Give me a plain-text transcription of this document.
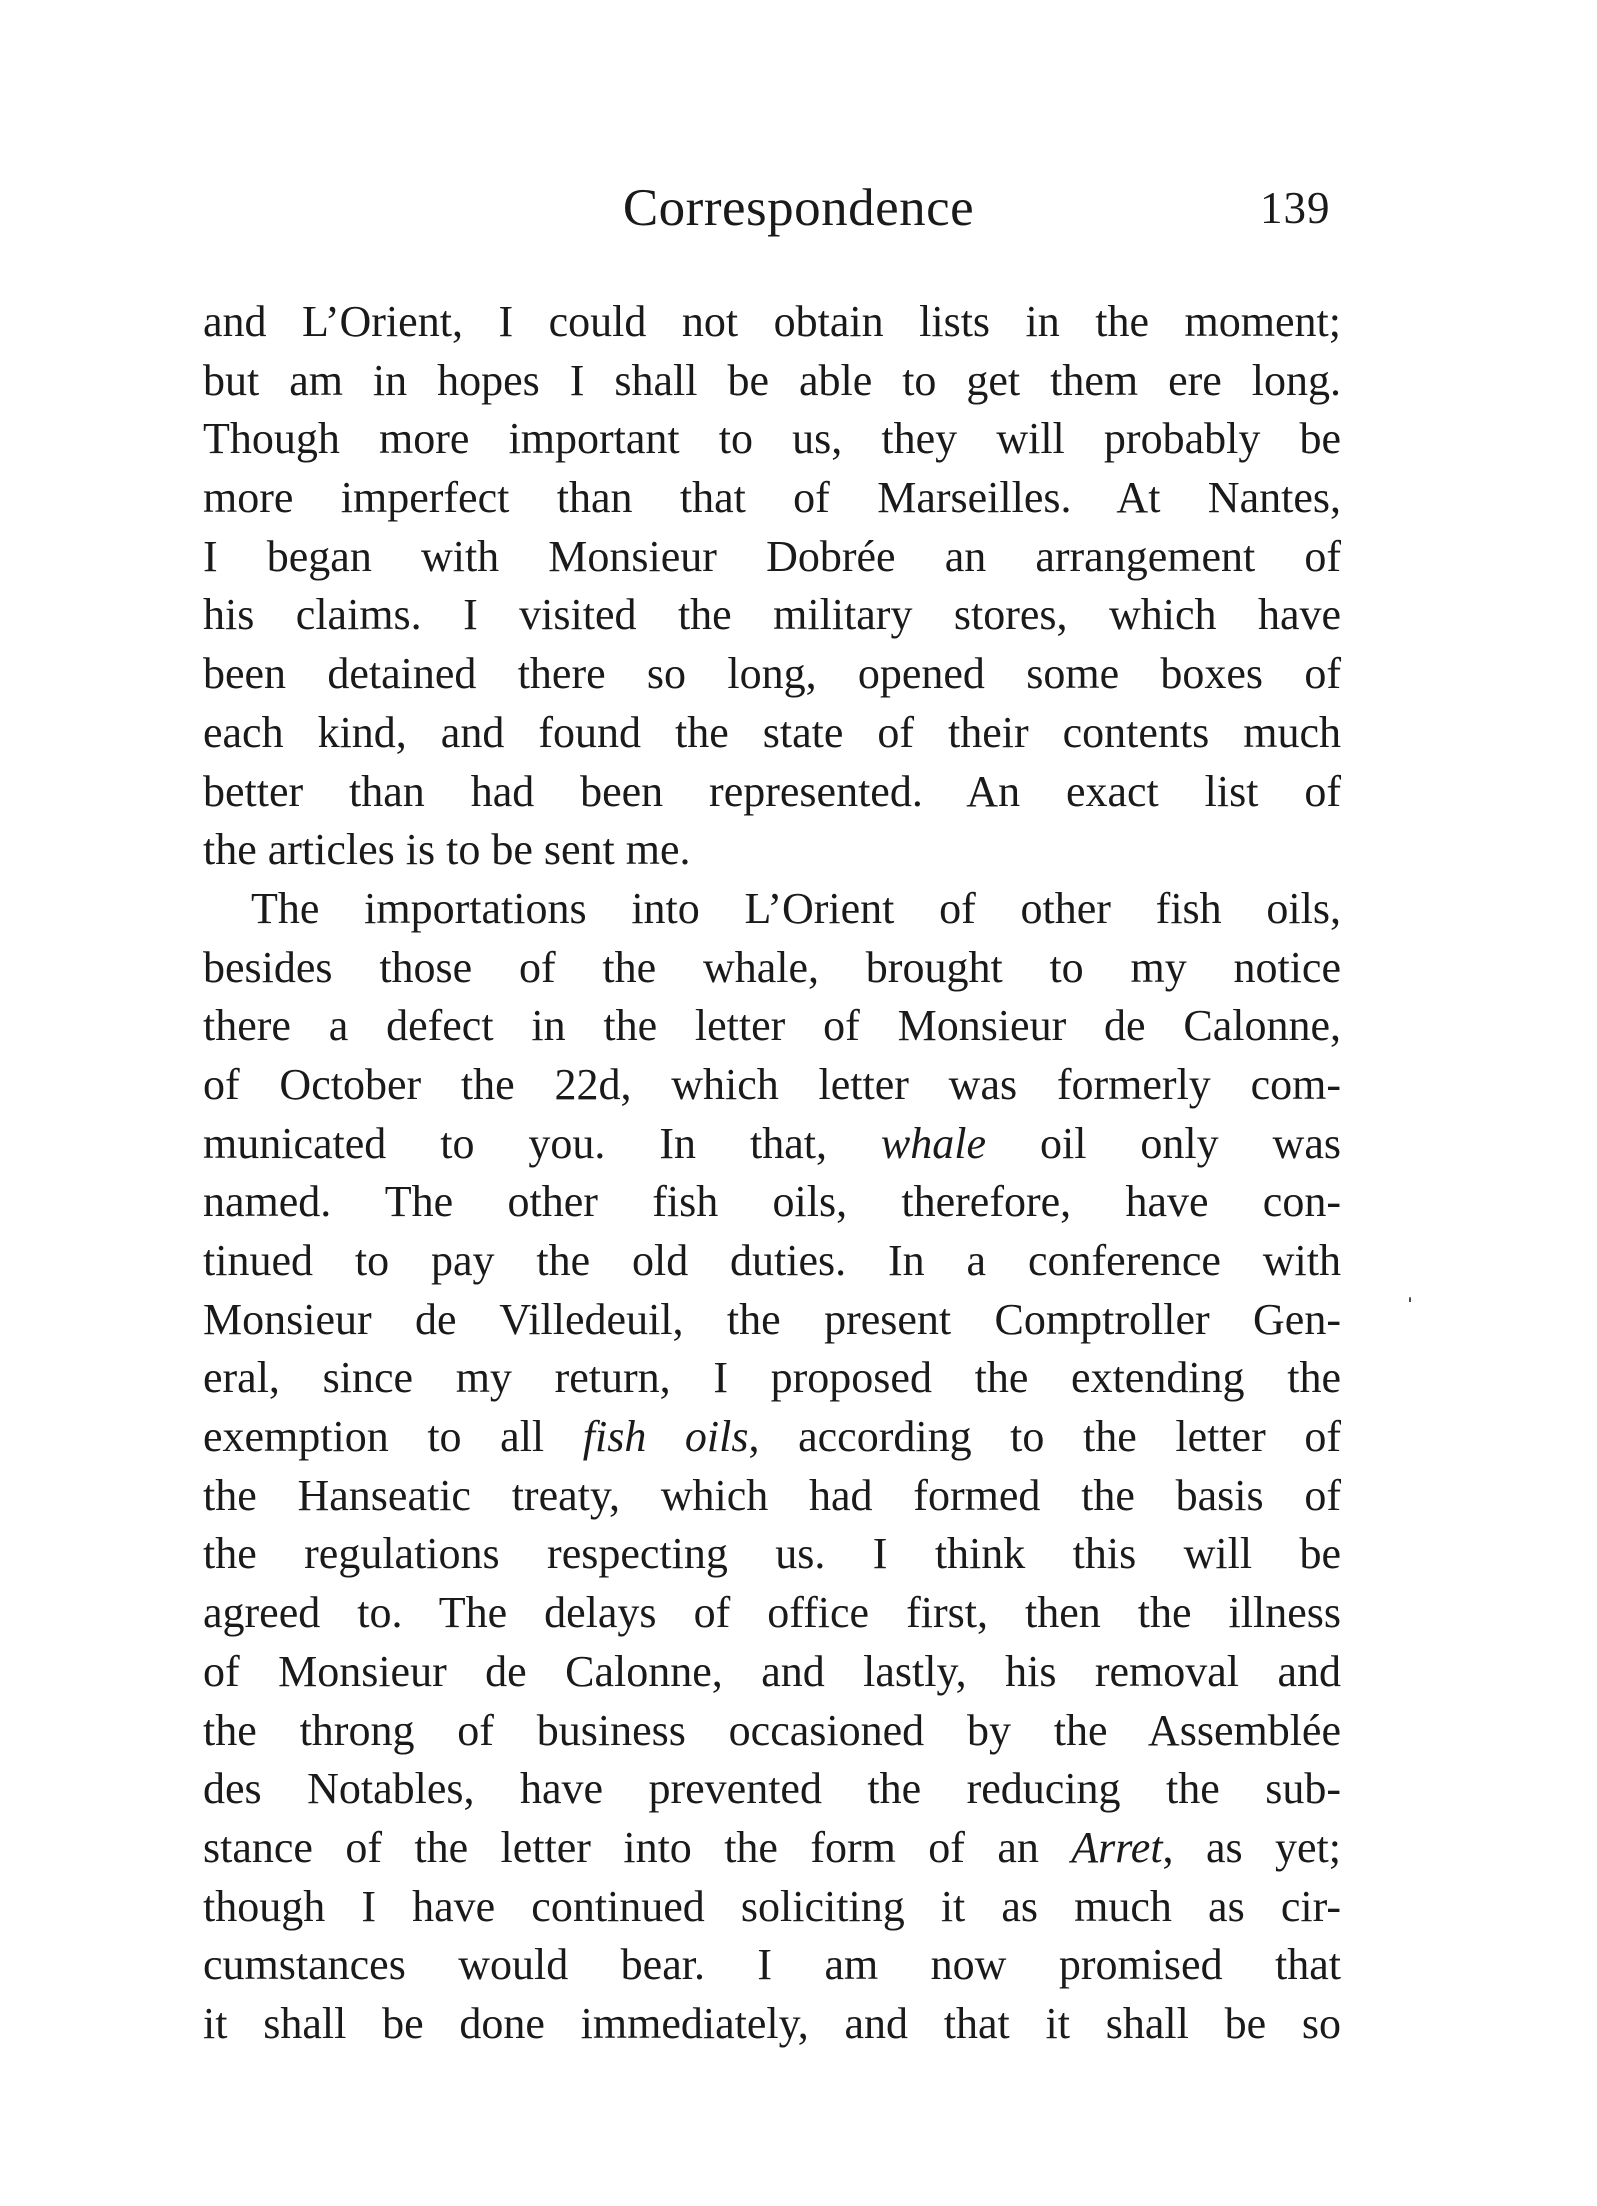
Correspondence	139
and L’Orient, I could not obtain lists in the moment;
but am in hopes I shall be able to get them ere long.
Though more important to us, they will probably be
more imperfect than that of Marseilles. At Nantes,
I began with Monsieur Dobrée an arrangement of
his claims. I visited the military stores, which have
been detained there so long, opened some boxes of
each kind, and found the state of their contents much
better than had been represented. An exact list of
the articles is to be sent me.
The importations into L’Orient of other fish oils,
besides those of the whale, brought to my notice
there a defect in the letter of Monsieur de Calonne,
of October the 22d, which letter was formerly com-
municated to you. In that, whale oil only was
named. The other fish oils, therefore, have con-
tinued to pay the old duties. In a conference with
Monsieur de Villedeuil, the present Comptroller Gen-
eral, since my return, I proposed the extending the
exemption to all fish oils, according to the letter of
the Hanseatic treaty, which had formed the basis of
the regulations respecting us. I think this will be
agreed to. The delays of office first, then the illness
of Monsieur de Calonne, and lastly, his removal and
the throng of business occasioned by the Assemblée
des Notables, have prevented the reducing the sub-
stance of the letter into the form of an Arret, as yet;
though I have continued soliciting it as much as cir-
cumstances would bear. I am now promised that
it shall be done immediately, and that it shall be so
ˈ
